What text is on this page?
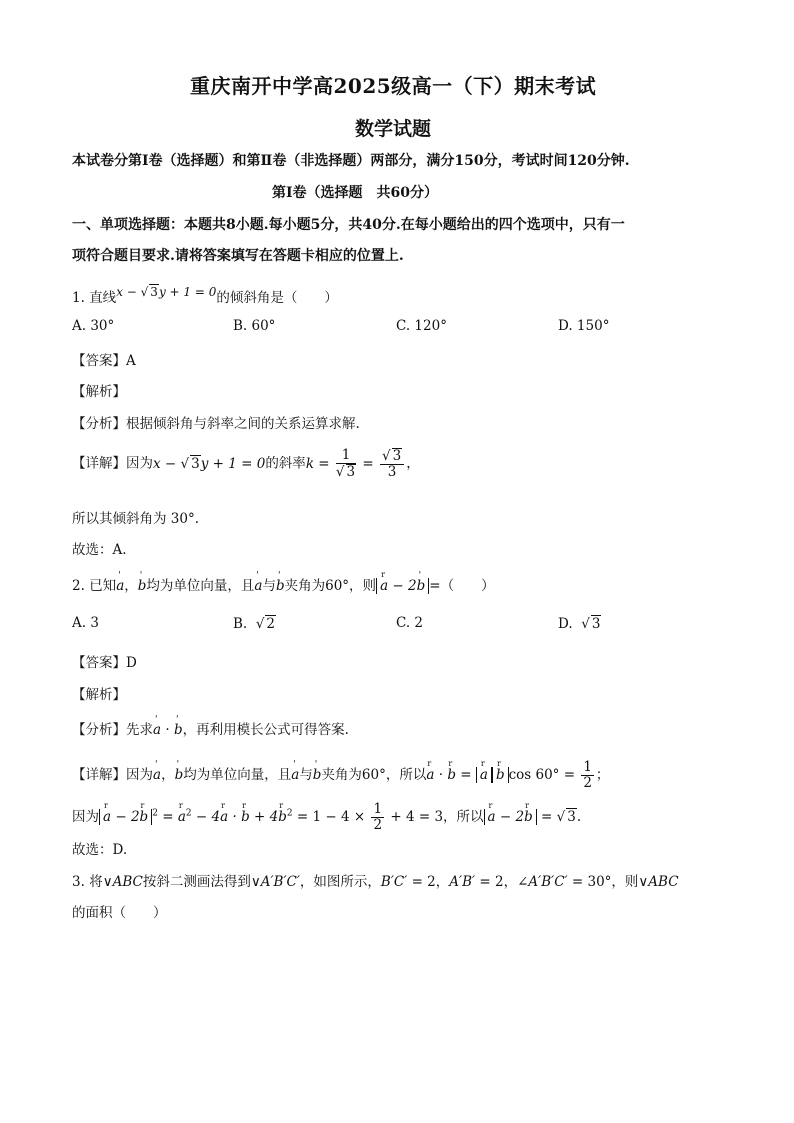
重庆南开中学高2025级高一（下）期末考试
数学试题
本试卷分第Ⅰ卷（选择题）和第Ⅱ卷（非选择题）两部分，满分150分，考试时间120分钟.
第Ⅰ卷（选择题　共60分）
一、单项选择题：本题共8小题.每小题5分，共40分.在每小题给出的四个选项中，只有一
项符合题目要求.请将答案填写在答题卡相应的位置上.
1. 直线x − √ 3y + 1 = 0的倾斜角是（　　）
A. 30°	B. 60°	C. 120°	D. 150°
【答案】A
【解析】
【分析】根据倾斜角与斜率之间的关系运算求解.
【详解】因为x − √ 3y + 1 = 0的斜率$k = \frac{1}{√ 3} = \frac{√ 3}{3}$ ，
所以其倾斜角为 30°.
故选：A.
2. 已知' a，' b均为单位向量，且' a与' b夹角为60°，则 r a − 2' b =（　　）
A. 3	B. √ 2	C. 2	D. √ 3
【答案】D
【解析】
【分析】先求' a · ' b，再利用模长公式可得答案.
【详解】因为' a，' b均为单位向量，且' a与' b夹角为60°，所以r a · r b = r a r b $\cos 60^\circ = \frac{1}{2}$ ；
因为 r a − 2r b $^2$ = r $a^2 - 4r$ a · r b + 4r $b^2 = 1 - 4 \times \frac{1}{2} + 4 = 3$，所以 r a − 2r b = √ 3.
故选：D.
3. 将∨ABC按斜二测画法得到∨A′B′C′，如图所示，B′C′ = 2，A′B′ = 2，∠A′B′C′ = 30°，则∨ABC
的面积（　　）
